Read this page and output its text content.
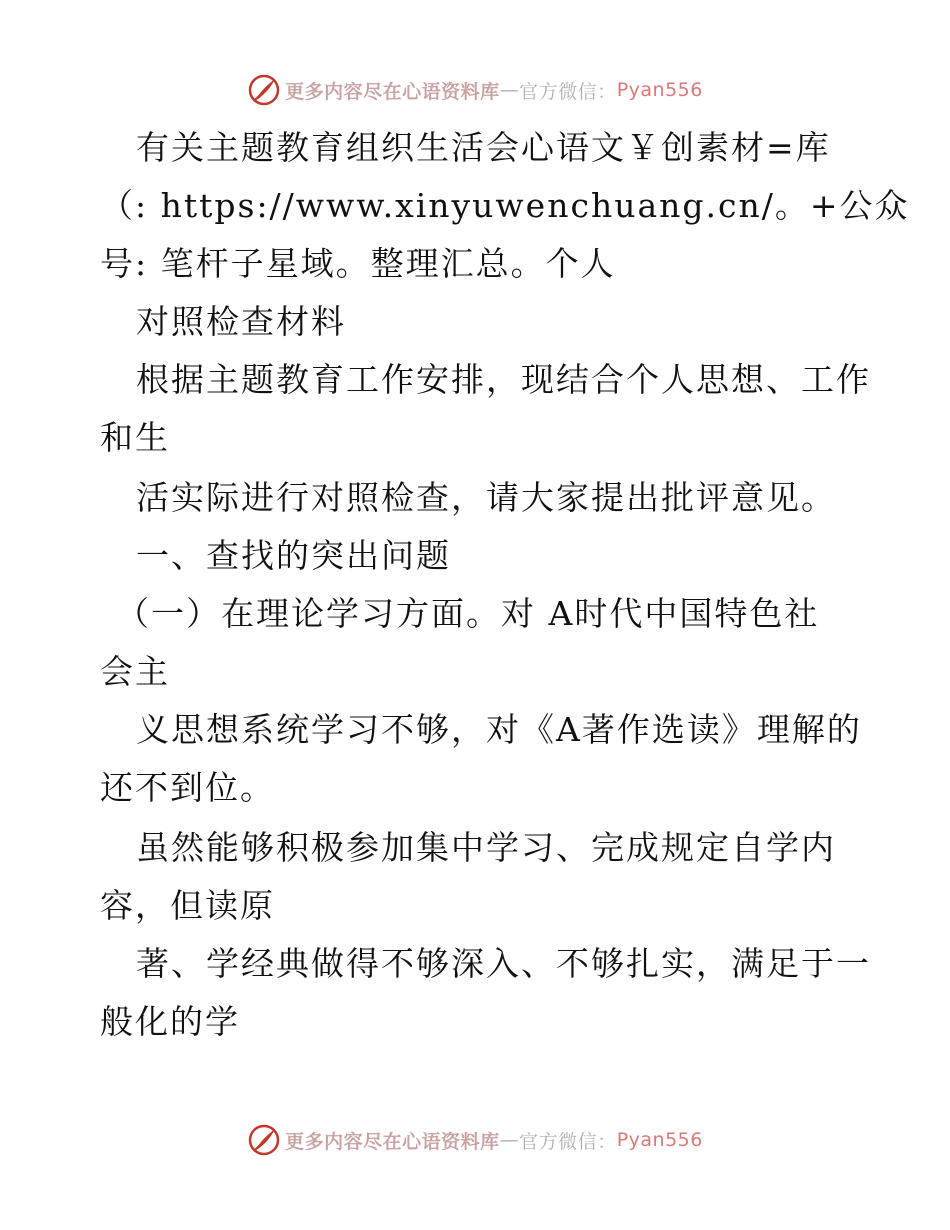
更多内容尽在心语资料库 — 官方微信： Pyan556
有关主题教育组织生活会心语文￥创素材=库
（: https://www.xinyuwenchuang.cn/。+公众
号: 笔杆子星域。整理汇总。个人
对照检查材料
根据主题教育工作安排，现结合个人思想、工作
和生
活实际进行对照检查，请大家提出批评意见。
一、查找的突出问题
（一）在理论学习方面。对 A时代中国特色社
会主
义思想系统学习不够，对《A著作选读》理解的
还不到位。
虽然能够积极参加集中学习、完成规定自学内
容，但读原
著、学经典做得不够深入、不够扎实，满足于一
般化的学
更多内容尽在心语资料库 — 官方微信： Pyan556
